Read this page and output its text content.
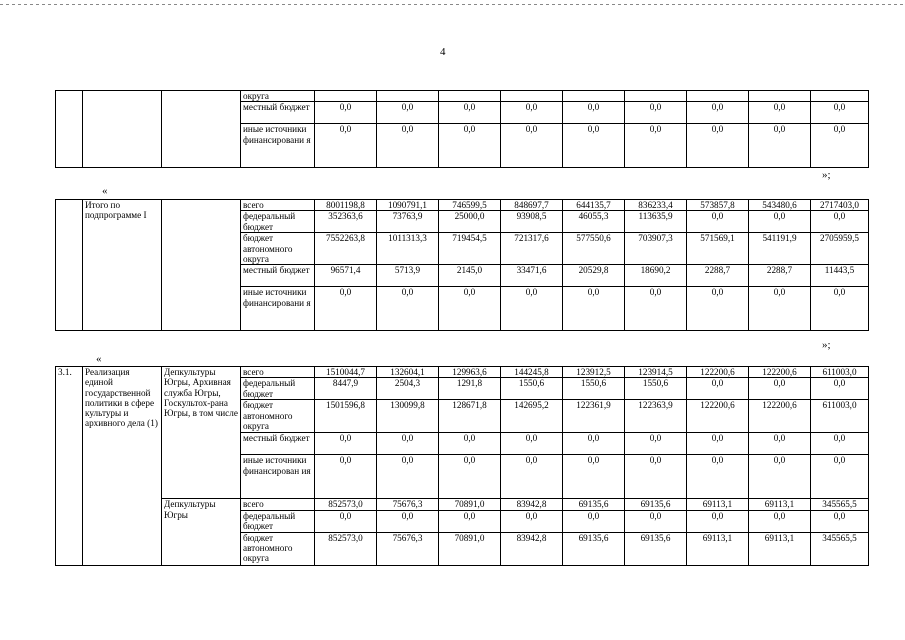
4
			округа									
			местный бюджет	0,0	0,0	0,0	0,0	0,0	0,0	0,0	0,0	0,0
			иные источники финансировани я	0,0	0,0	0,0	0,0	0,0	0,0	0,0	0,0	0,0
»;
«
	Итого по подпрограмме I		всего	8001198,8	1090791,1	746599,5	848697,7	644135,7	836233,4	573857,8	543480,6	2717403,0
			федеральный бюджет	352363,6	73763,9	25000,0	93908,5	46055,3	113635,9	0,0	0,0	0,0
			бюджет автономного округа	7552263,8	1011313,3	719454,5	721317,6	577550,6	703907,3	571569,1	541191,9	2705959,5
			местный бюджет	96571,4	5713,9	2145,0	33471,6	20529,8	18690,2	2288,7	2288,7	11443,5
			иные источники финансировани я	0,0	0,0	0,0	0,0	0,0	0,0	0,0	0,0	0,0
»;
«
3.1.	Реализация единой государственной политики в сфере культуры и архивного дела (1)	Депкультуры Югры, Архивная служба Югры, Госкультох-рана Югры, в том числе	всего	1510044,7	132604,1	129963,6	144245,8	123912,5	123914,5	122200,6	122200,6	611003,0
			федеральный бюджет	8447,9	2504,3	1291,8	1550,6	1550,6	1550,6	0,0	0,0	0,0
			бюджет автономного округа	1501596,8	130099,8	128671,8	142695,2	122361,9	122363,9	122200,6	122200,6	611003,0
			местный бюджет	0,0	0,0	0,0	0,0	0,0	0,0	0,0	0,0	0,0
			иные источники финансирован ия	0,0	0,0	0,0	0,0	0,0	0,0	0,0	0,0	0,0
		Депкультуры Югры	всего	852573,0	75676,3	70891,0	83942,8	69135,6	69135,6	69113,1	69113,1	345565,5
			федеральный бюджет	0,0	0,0	0,0	0,0	0,0	0,0	0,0	0,0	0,0
			бюджет автономного округа	852573,0	75676,3	70891,0	83942,8	69135,6	69135,6	69113,1	69113,1	345565,5
